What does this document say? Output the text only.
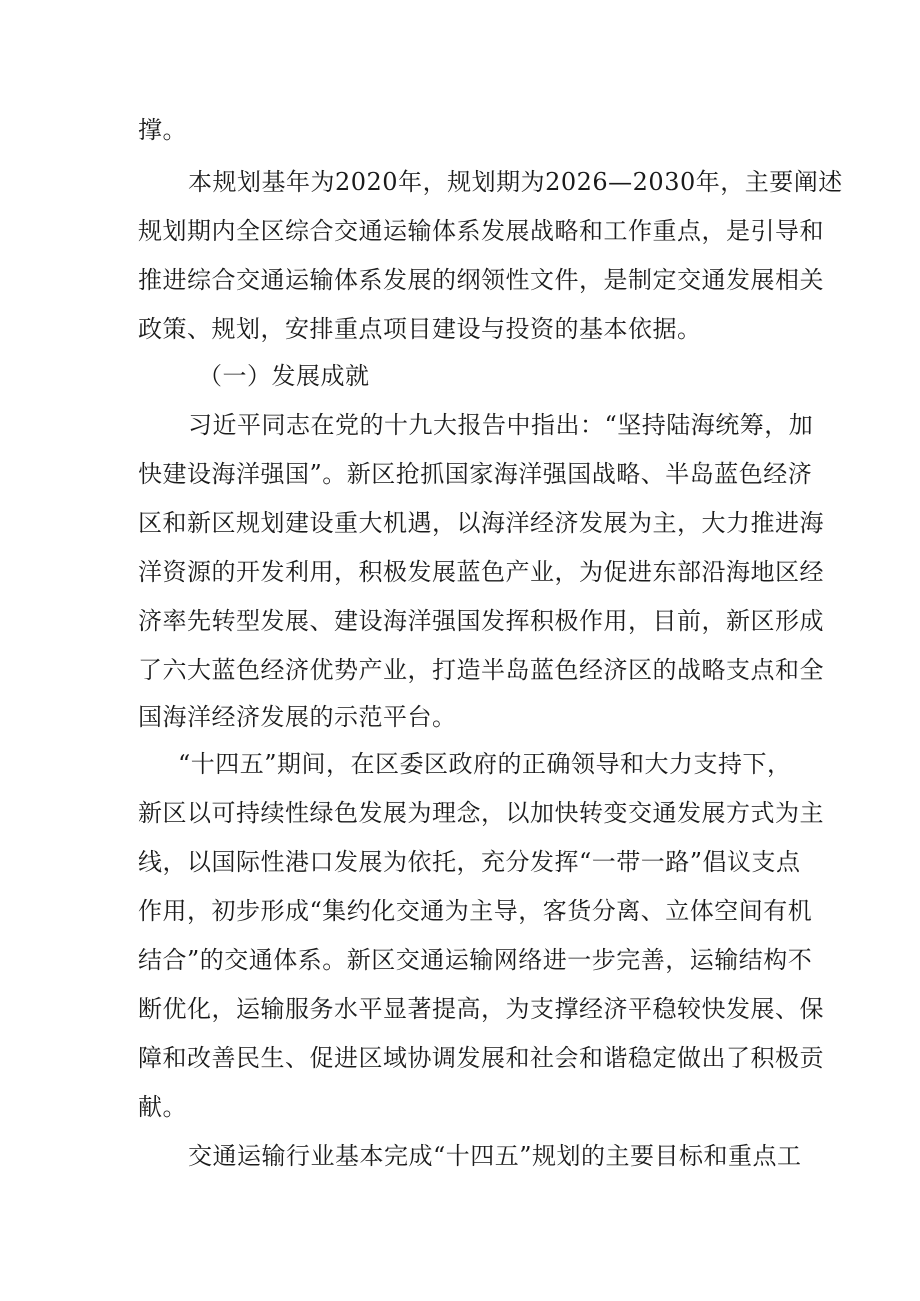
撑。
本规划基年为2020年，规划期为2026—2030年，主要阐述
规划期内全区综合交通运输体系发展战略和工作重点，是引导和
推进综合交通运输体系发展的纲领性文件，是制定交通发展相关
政策、规划，安排重点项目建设与投资的基本依据。
（一）发展成就
习近平同志在党的十九大报告中指出：“坚持陆海统筹，加
快建设海洋强国”。新区抢抓国家海洋强国战略、半岛蓝色经济
区和新区规划建设重大机遇，以海洋经济发展为主，大力推进海
洋资源的开发利用，积极发展蓝色产业，为促进东部沿海地区经
济率先转型发展、建设海洋强国发挥积极作用，目前，新区形成
了六大蓝色经济优势产业，打造半岛蓝色经济区的战略支点和全
国海洋经济发展的示范平台。
“十四五”期间，在区委区政府的正确领导和大力支持下，
新区以可持续性绿色发展为理念，以加快转变交通发展方式为主
线，以国际性港口发展为依托，充分发挥“一带一路”倡议支点
作用，初步形成“集约化交通为主导，客货分离、立体空间有机
结合”的交通体系。新区交通运输网络进一步完善，运输结构不
断优化，运输服务水平显著提高，为支撑经济平稳较快发展、保
障和改善民生、促进区域协调发展和社会和谐稳定做出了积极贡
献。
交通运输行业基本完成“十四五”规划的主要目标和重点工
